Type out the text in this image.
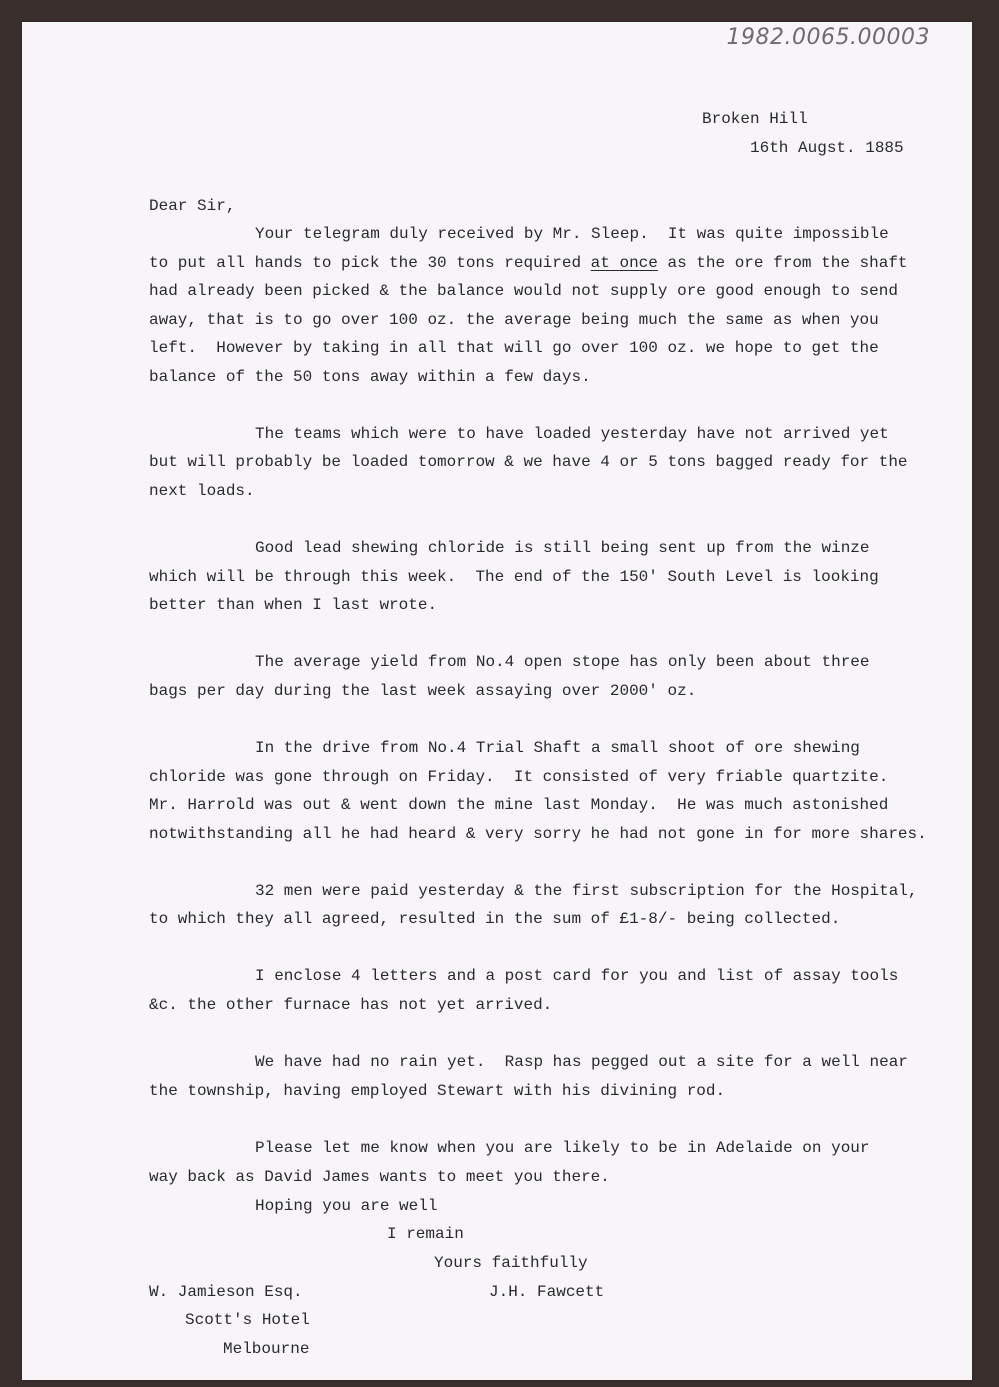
1982.0065.00003
Broken Hill
16th Augst. 1885
Dear Sir,
Your telegram duly received by Mr. Sleep.  It was quite impossible
to put all hands to pick the 30 tons required at once as the ore from the shaft
had already been picked & the balance would not supply ore good enough to send
away, that is to go over 100 oz. the average being much the same as when you
left.  However by taking in all that will go over 100 oz. we hope to get the
balance of the 50 tons away within a few days.
The teams which were to have loaded yesterday have not arrived yet
but will probably be loaded tomorrow & we have 4 or 5 tons bagged ready for the
next loads.
Good lead shewing chloride is still being sent up from the winze
which will be through this week.  The end of the 150' South Level is looking
better than when I last wrote.
The average yield from No.4 open stope has only been about three
bags per day during the last week assaying over 2000' oz.
In the drive from No.4 Trial Shaft a small shoot of ore shewing
chloride was gone through on Friday.  It consisted of very friable quartzite.
Mr. Harrold was out & went down the mine last Monday.  He was much astonished
notwithstanding all he had heard & very sorry he had not gone in for more shares.
32 men were paid yesterday & the first subscription for the Hospital,
to which they all agreed, resulted in the sum of £1-8/- being collected.
I enclose 4 letters and a post card for you and list of assay tools
&c. the other furnace has not yet arrived.
We have had no rain yet.  Rasp has pegged out a site for a well near
the township, having employed Stewart with his divining rod.
Please let me know when you are likely to be in Adelaide on your
way back as David James wants to meet you there.
Hoping you are well
I remain
Yours faithfully
J.H. Fawcett
W. Jamieson Esq.
Scott's Hotel
Melbourne
